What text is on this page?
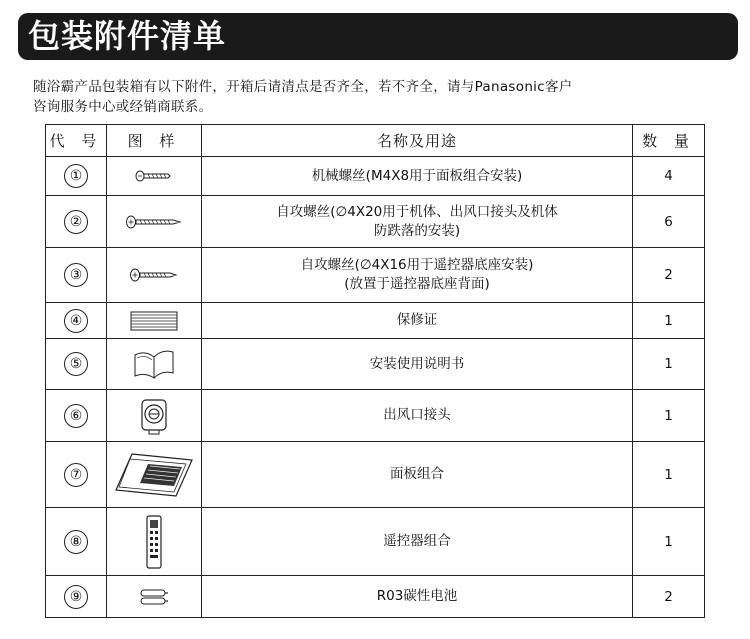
包装附件清单
随浴霸产品包装箱有以下附件，开箱后请清点是否齐全，若不齐全，请与Panasonic客户
咨询服务中心或经销商联系。
代 号	图 样	名称及用途	数 量
①		机械螺丝(M4X8用于面板组合安装)	4
②		自攻螺丝(∅4X20用于机体、出风口接头及机体
防跌落的安装)	6
③		自攻螺丝(∅4X16用于遥控器底座安装)
(放置于遥控器底座背面)	2
④		保修证	1
⑤		安装使用说明书	1
⑥		出风口接头	1
⑦		面板组合	1
⑧		遥控器组合	1
⑨		R03碳性电池	2
